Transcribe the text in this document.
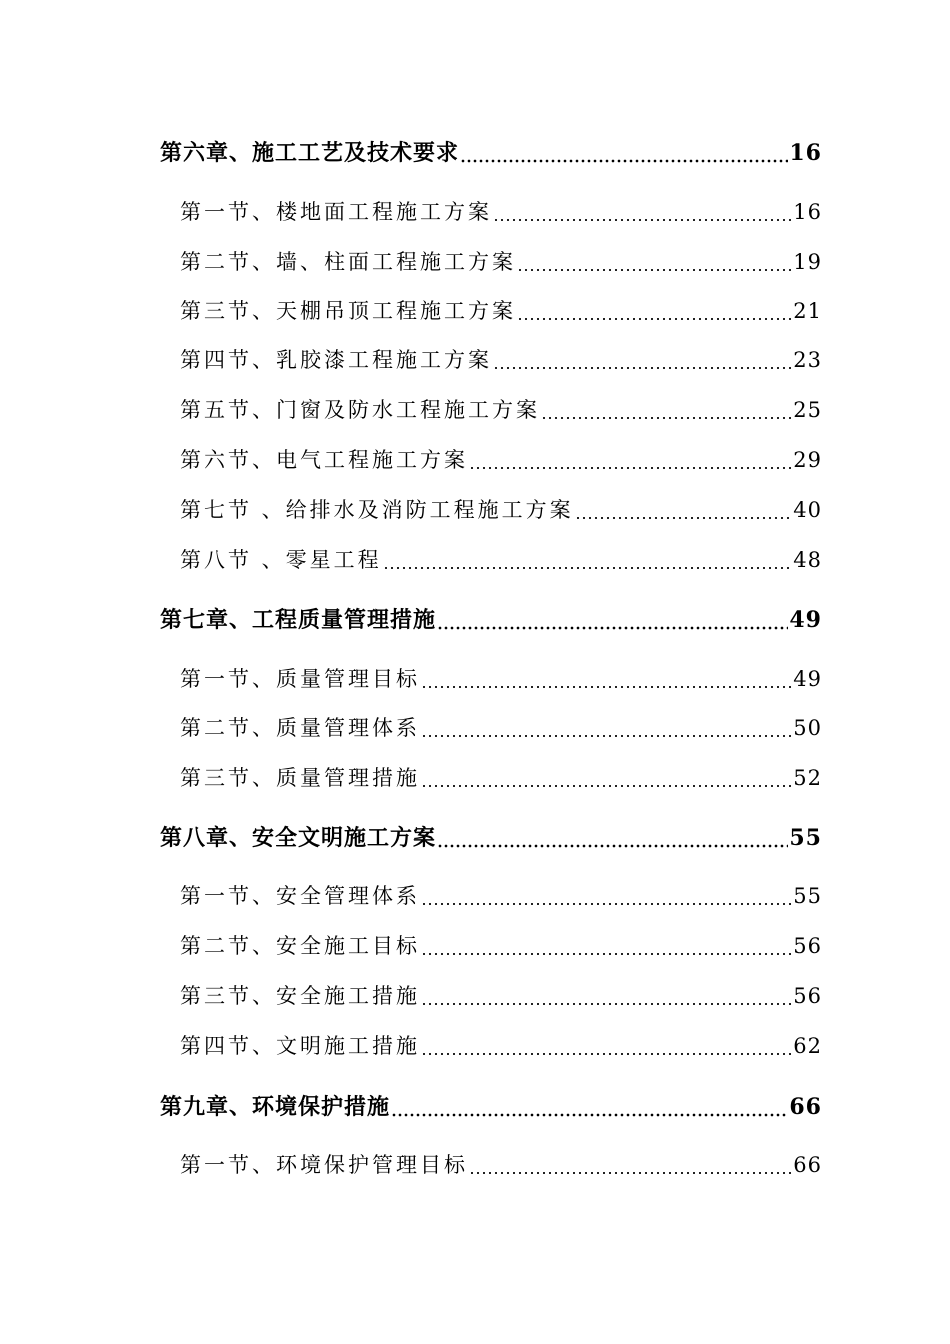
第六章、施工工艺及技术要求	16
第一节、楼地面工程施工方案	16
第二节、墙、柱面工程施工方案	19
第三节、天棚吊顶工程施工方案	21
第四节、乳胶漆工程施工方案	23
第五节、门窗及防水工程施工方案	25
第六节、电气工程施工方案	29
第七节 、给排水及消防工程施工方案	40
第八节 、零星工程	48
第七章、工程质量管理措施	49
第一节、质量管理目标	49
第二节、质量管理体系	50
第三节、质量管理措施	52
第八章、安全文明施工方案	55
第一节、安全管理体系	55
第二节、安全施工目标	56
第三节、安全施工措施	56
第四节、文明施工措施	62
第九章、环境保护措施	66
第一节、环境保护管理目标	66
